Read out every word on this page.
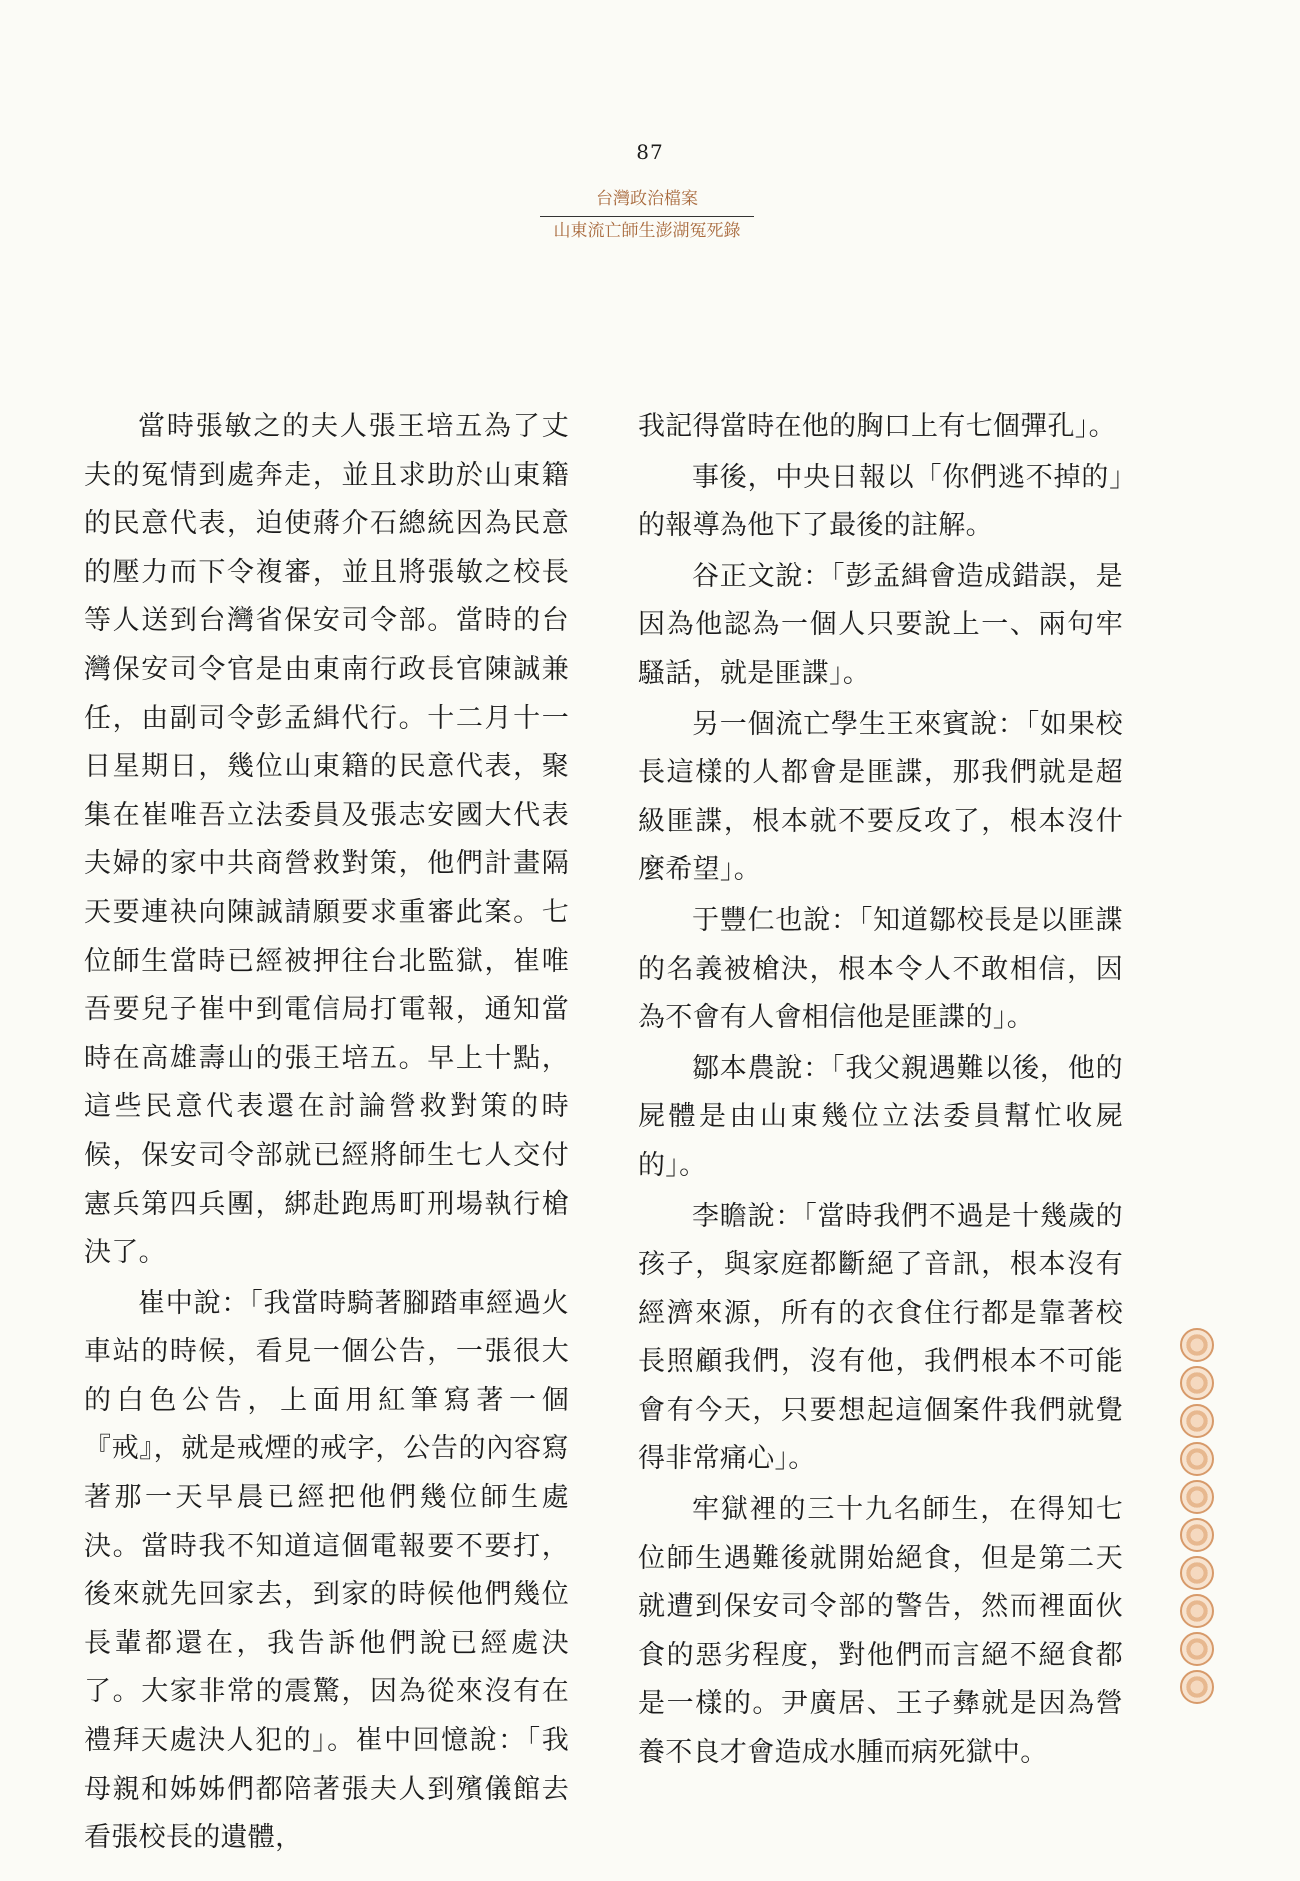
87
台灣政治檔案
山東流亡師生澎湖冤死錄

當時張敏之的夫人張王培五為了丈夫的冤情到處奔走，並且求助於山東籍的民意代表，迫使蔣介石總統因為民意的壓力而下令複審，並且將張敏之校長等人送到台灣省保安司令部。當時的台灣保安司令官是由東南行政長官陳誠兼任，由副司令彭孟緝代行。十二月十一日星期日，幾位山東籍的民意代表，聚集在崔唯吾立法委員及張志安國大代表夫婦的家中共商營救對策，他們計畫隔天要連袂向陳誠請願要求重審此案。七位師生當時已經被押往台北監獄，崔唯吾要兒子崔中到電信局打電報，通知當時在高雄壽山的張王培五。早上十點，這些民意代表還在討論營救對策的時候，保安司令部就已經將師生七人交付憲兵第四兵團，綁赴跑馬町刑場執行槍決了。

崔中說：「我當時騎著腳踏車經過火車站的時候，看見一個公告，一張很大的白色公告，上面用紅筆寫著一個『戒』，就是戒煙的戒字，公告的內容寫著那一天早晨已經把他們幾位師生處決。當時我不知道這個電報要不要打，後來就先回家去，到家的時候他們幾位長輩都還在，我告訴他們說已經處決了。大家非常的震驚，因為從來沒有在禮拜天處決人犯的」。崔中回憶說：「我母親和姊姊們都陪著張夫人到殯儀館去看張校長的遺體，

我記得當時在他的胸口上有七個彈孔」。

事後，中央日報以「你們逃不掉的」的報導為他下了最後的註解。

谷正文說：「彭孟緝會造成錯誤，是因為他認為一個人只要說上一、兩句牢騷話，就是匪諜」。

另一個流亡學生王來賓說：「如果校長這樣的人都會是匪諜，那我們就是超級匪諜，根本就不要反攻了，根本沒什麼希望」。

于豐仁也說：「知道鄒校長是以匪諜的名義被槍決，根本令人不敢相信，因為不會有人會相信他是匪諜的」。

鄒本農說：「我父親遇難以後，他的屍體是由山東幾位立法委員幫忙收屍的」。

李瞻說：「當時我們不過是十幾歲的孩子，與家庭都斷絕了音訊，根本沒有經濟來源，所有的衣食住行都是靠著校長照顧我們，沒有他，我們根本不可能會有今天，只要想起這個案件我們就覺得非常痛心」。

牢獄裡的三十九名師生，在得知七位師生遇難後就開始絕食，但是第二天就遭到保安司令部的警告，然而裡面伙食的惡劣程度，對他們而言絕不絕食都是一樣的。尹廣居、王子彝就是因為營養不良才會造成水腫而病死獄中。
